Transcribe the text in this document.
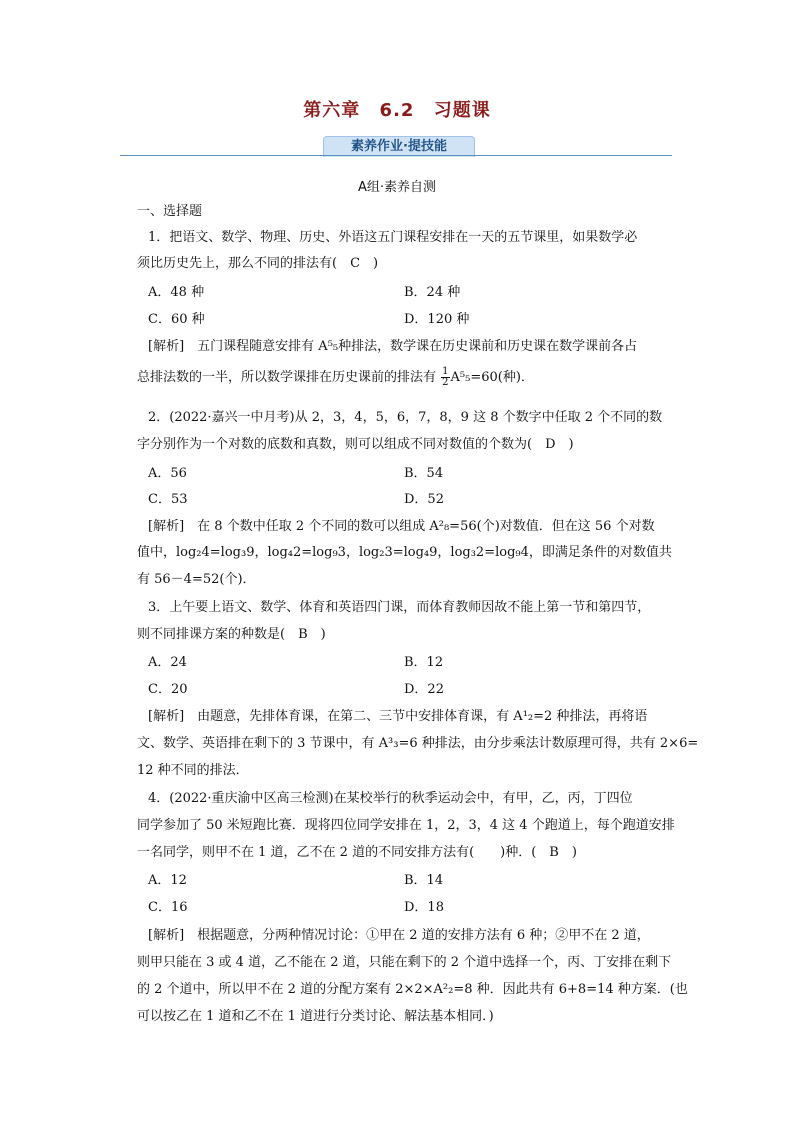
第六章 6.2 习题课
素养作业·提技能
A组·素养自测
一、选择题
1．把语文、数学、物理、历史、外语这五门课程安排在一天的五节课里，如果数学必
须比历史先上，那么不同的排法有(　C　)
A．48 种	B．24 种
C．60 种	D．120 种
[解析]　 五门课程随意安排有 A⁵₅种排法，数学课在历史课前和历史课在数学课前各占
总排法数的一半，所以数学课排在历史课前的排法有 $\frac{1}{2} A^5_5=60$(种)．
2．(2022·嘉兴一中月考)从 2，3，4，5，6，7，8，9 这 8 个数字中任取 2 个不同的数
字分别作为一个对数的底数和真数，则可以组成不同对数值的个数为(　D　)
A．56	B．54
C．53	D．52
[解析]　 在 8 个数中任取 2 个不同的数可以组成 A²₈=56(个)对数值．但在这 56 个对数
值中，log₂4=log₃9，log₄2=log₉3，log₂3=log₄9，log₃2=log₉4，即满足条件的对数值共
有 56－4=52(个)．
3．上午要上语文、数学、体育和英语四门课，而体育教师因故不能上第一节和第四节，
则不同排课方案的种数是(　B　)
A．24	B．12
C．20	D．22
[解析]　 由题意，先排体育课，在第二、三节中安排体育课，有 A¹₂=2 种排法，再将语
文、数学、英语排在剩下的 3 节课中，有 A³₃=6 种排法，由分步乘法计数原理可得，共有 2×6=
12 种不同的排法．
4．(2022·重庆渝中区高三检测)在某校举行的秋季运动会中，有甲，乙，丙，丁四位
同学参加了 50 米短跑比赛．现将四位同学安排在 1，2，3，4 这 4 个跑道上，每个跑道安排
一名同学，则甲不在 1 道，乙不在 2 道的不同安排方法有(　　)种．(　B　)
A．12	B．14
C．16	D．18
[解析]　 根据题意，分两种情况讨论：①甲在 2 道的安排方法有 6 种；②甲不在 2 道，
则甲只能在 3 或 4 道，乙不能在 2 道，只能在剩下的 2 个道中选择一个，丙、丁安排在剩下
的 2 个道中，所以甲不在 2 道的分配方案有 2×2×A²₂=8 种．因此共有 6+8=14 种方案．(也
可以按乙在 1 道和乙不在 1 道进行分类讨论、解法基本相同．)
